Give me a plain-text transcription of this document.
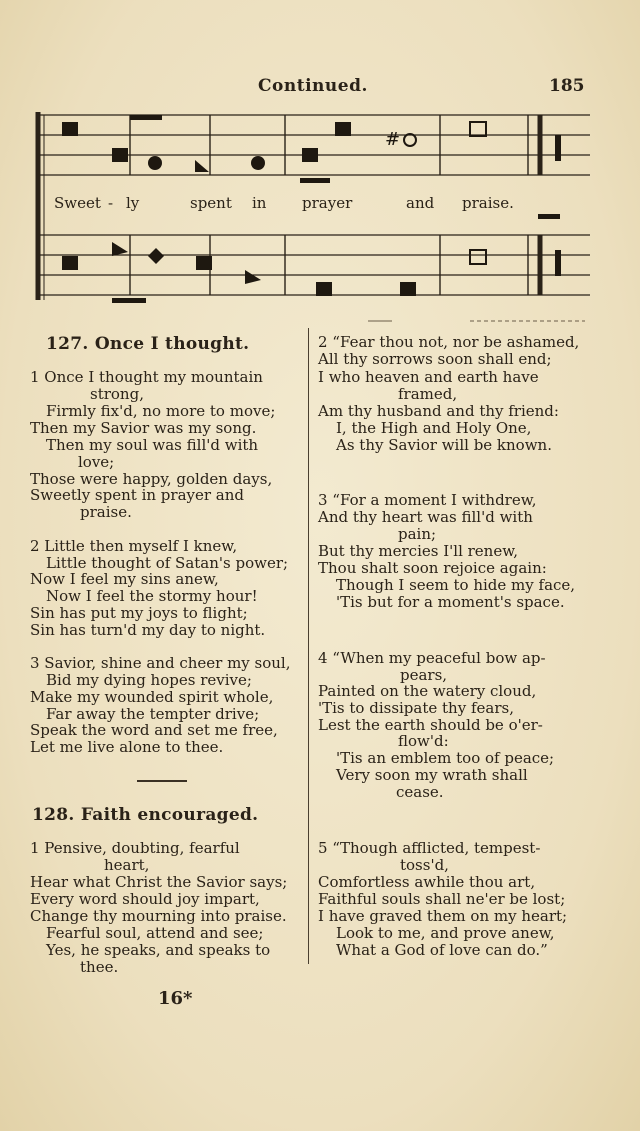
Continued.	185
#
Sweet - ly	spent in prayer	and praise.
127. Once I thought.
1 Once I thought my mountain
strong,
Firmly fix'd, no more to move;
Then my Savior was my song.
Then my soul was fill'd with
love;
Those were happy, golden days,
Sweetly spent in prayer and
praise.
2 Little then myself I knew,
Little thought of Satan's power;
Now I feel my sins anew,
Now I feel the stormy hour!
Sin has put my joys to flight;
Sin has turn'd my day to night.
3 Savior, shine and cheer my soul,
Bid my dying hopes revive;
Make my wounded spirit whole,
Far away the tempter drive;
Speak the word and set me free,
Let me live alone to thee.
128. Faith encouraged.
1 Pensive, doubting, fearful
heart,
Hear what Christ the Savior says;
Every word should joy impart,
Change thy mourning into praise.
Fearful soul, attend and see;
Yes, he speaks, and speaks to
thee.
2 “Fear thou not, nor be ashamed,
All thy sorrows soon shall end;
I who heaven and earth have
framed,
Am thy husband and thy friend:
I, the High and Holy One,
As thy Savior will be known.
3 “For a moment I withdrew,
And thy heart was fill'd with
pain;
But thy mercies I'll renew,
Thou shalt soon rejoice again:
Though I seem to hide my face,
'Tis but for a moment's space.
4 “When my peaceful bow ap-
pears,
Painted on the watery cloud,
'Tis to dissipate thy fears,
Lest the earth should be o'er-
flow'd:
'Tis an emblem too of peace;
Very soon my wrath shall
cease.
5 “Though afflicted, tempest-
toss'd,
Comfortless awhile thou art,
Faithful souls shall ne'er be lost;
I have graved them on my heart;
Look to me, and prove anew,
What a God of love can do.”
16*
